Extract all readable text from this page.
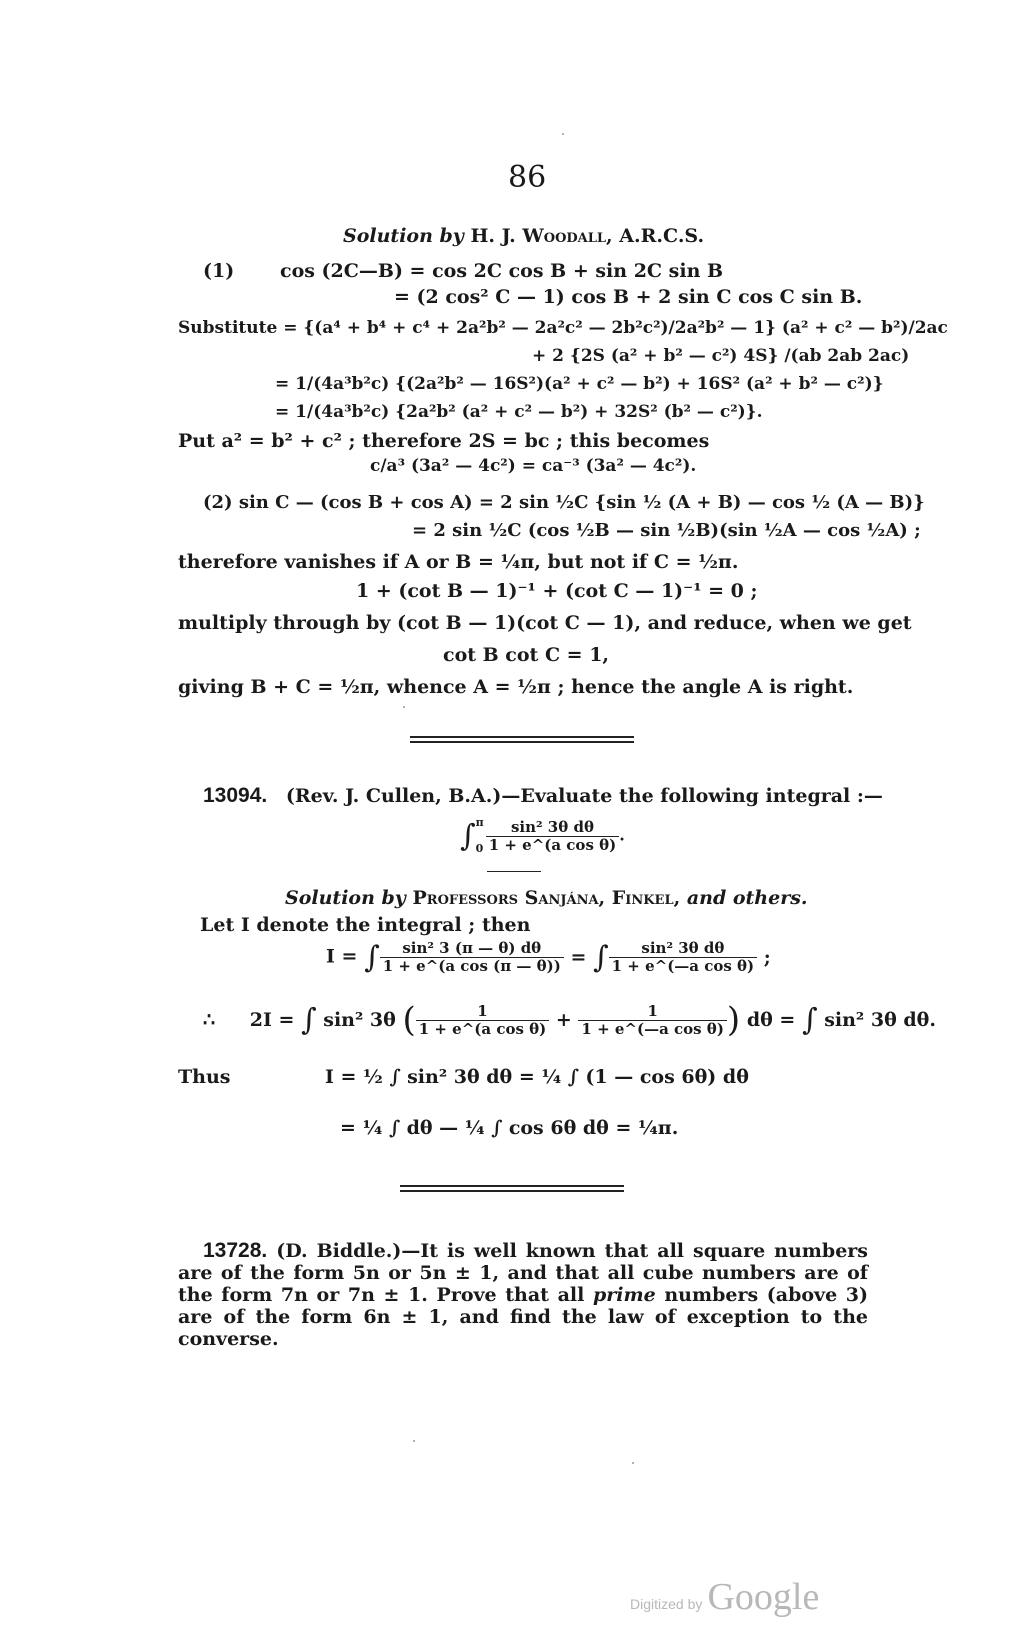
86
Solution by H. J. Woodall, A.R.C.S.
(1) cos (2C—B) = cos 2C cos B + sin 2C sin B
= (2 cos² C — 1) cos B + 2 sin C cos C sin B.
Substitute = {(a⁴ + b⁴ + c⁴ + 2a²b² — 2a²c² — 2b²c²)/2a²b² — 1} (a² + c² — b²)/2ac
+ 2 {2S (a² + b² — c²) 4S} /(ab 2ab 2ac)
= 1/(4a³b²c) {(2a²b² — 16S²)(a² + c² — b²) + 16S² (a² + b² — c²)}
= 1/(4a³b²c) {2a²b² (a² + c² — b²) + 32S² (b² — c²)}.
Put a² = b² + c² ; therefore 2S = bc ; this becomes
c/a³ (3a² — 4c²) = ca⁻³ (3a² — 4c²).
(2) sin C — (cos B + cos A) = 2 sin ½C {sin ½ (A + B) — cos ½ (A — B)}
= 2 sin ½C (cos ½B — sin ½B)(sin ½A — cos ½A) ;
therefore vanishes if A or B = ¼π, but not if C = ½π.
1 + (cot B — 1)⁻¹ + (cot C — 1)⁻¹ = 0 ;
multiply through by (cot B — 1)(cot C — 1), and reduce, when we get
cot B cot C = 1,
giving B + C = ½π, whence A = ½π ; hence the angle A is right.
13094. (Rev. J. Cullen, B.A.)—Evaluate the following integral :—
∫ π
$0 \frac{\text{sin² 3θ dθ}}{\text{1 + e\textasciicircum{}(a cos θ)}}$ .
Solution by Professors Sanjána, Finkel, and others.
Let I denote the integral ; then
I = ∫ $\frac{\text{sin² 3 (π — θ) dθ}}{\text{1 + e\textasciicircum{}(a cos (π — θ))}}$ = ∫ $\frac{\text{sin² 3θ dθ}}{\text{1 + e\textasciicircum{}(—a cos θ)}}$ ;
∴ 2I = ∫ sin² 3θ ( $\frac{1}{\text{1 + e\textasciicircum{}(a cos θ)}} + \frac{1}{\text{1 + e\textasciicircum{}(—a cos θ)}}$ ) dθ = ∫ sin² 3θ dθ.
Thus	I = ½ ∫ sin² 3θ dθ = ¼ ∫ (1 — cos 6θ) dθ
= ¼ ∫ dθ — ¼ ∫ cos 6θ dθ = ¼π.
13728. (D. Biddle.)—It is well known that all square numbers are of the form 5n or 5n ± 1, and that all cube numbers are of the form 7n or 7n ± 1. Prove that all prime numbers (above 3) are of the form 6n ± 1, and find the law of exception to the converse.
Digitized by Google
